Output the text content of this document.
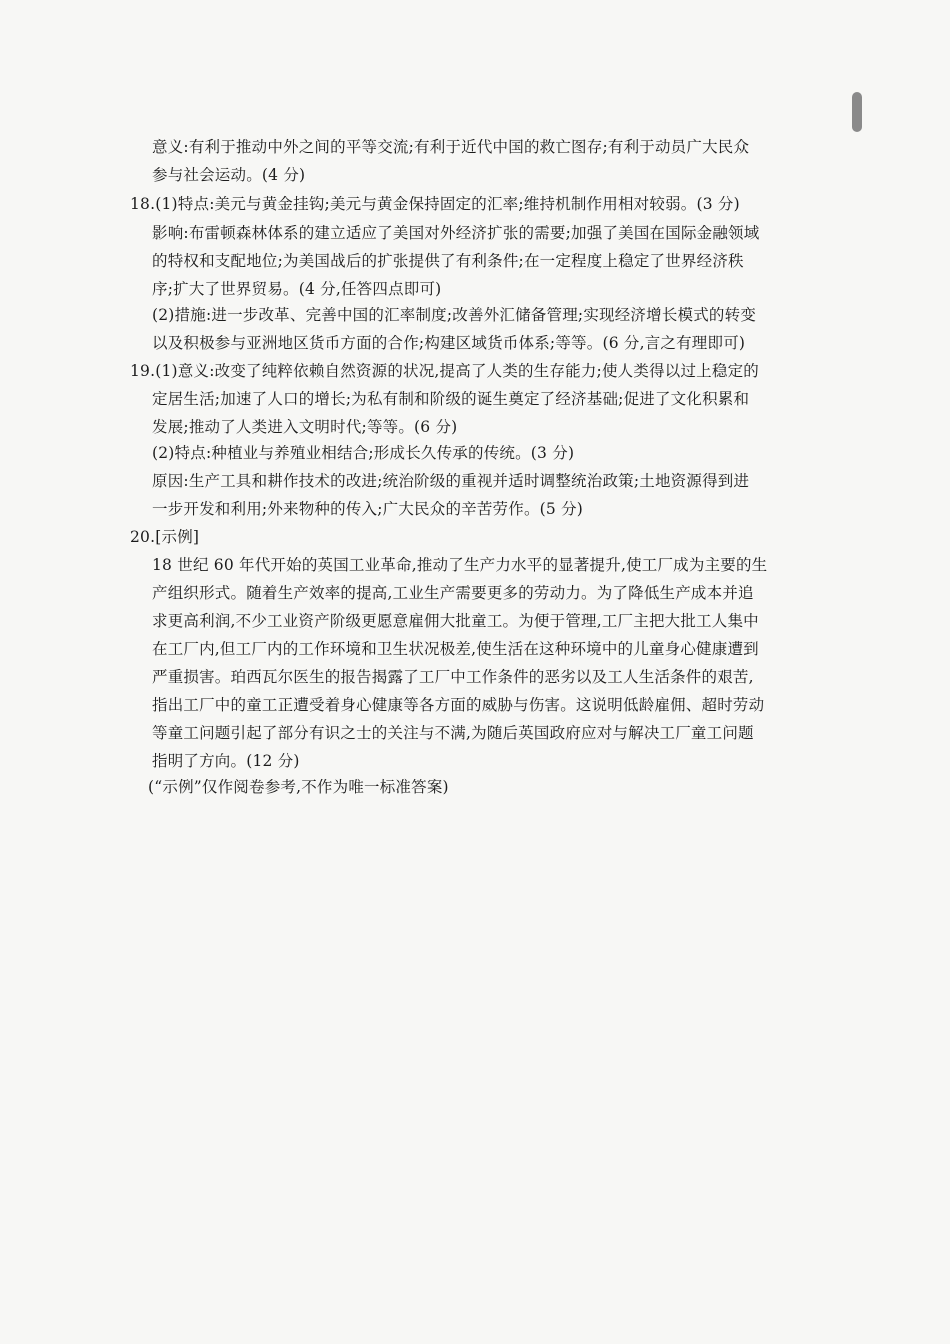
意义:有利于推动中外之间的平等交流;有利于近代中国的救亡图存;有利于动员广大民众
参与社会运动。(4 分)
18.(1)特点:美元与黄金挂钩;美元与黄金保持固定的汇率;维持机制作用相对较弱。(3 分)
影响:布雷顿森林体系的建立适应了美国对外经济扩张的需要;加强了美国在国际金融领域
的特权和支配地位;为美国战后的扩张提供了有利条件;在一定程度上稳定了世界经济秩
序;扩大了世界贸易。(4 分,任答四点即可)
(2)措施:进一步改革、完善中国的汇率制度;改善外汇储备管理;实现经济增长模式的转变
以及积极参与亚洲地区货币方面的合作;构建区域货币体系;等等。(6 分,言之有理即可)
19.(1)意义:改变了纯粹依赖自然资源的状况,提高了人类的生存能力;使人类得以过上稳定的
定居生活;加速了人口的增长;为私有制和阶级的诞生奠定了经济基础;促进了文化积累和
发展;推动了人类进入文明时代;等等。(6 分)
(2)特点:种植业与养殖业相结合;形成长久传承的传统。(3 分)
原因:生产工具和耕作技术的改进;统治阶级的重视并适时调整统治政策;土地资源得到进
一步开发和利用;外来物种的传入;广大民众的辛苦劳作。(5 分)
20.[示例]
18 世纪 60 年代开始的英国工业革命,推动了生产力水平的显著提升,使工厂成为主要的生
产组织形式。随着生产效率的提高,工业生产需要更多的劳动力。为了降低生产成本并追
求更高利润,不少工业资产阶级更愿意雇佣大批童工。为便于管理,工厂主把大批工人集中
在工厂内,但工厂内的工作环境和卫生状况极差,使生活在这种环境中的儿童身心健康遭到
严重损害。珀西瓦尔医生的报告揭露了工厂中工作条件的恶劣以及工人生活条件的艰苦,
指出工厂中的童工正遭受着身心健康等各方面的威胁与伤害。这说明低龄雇佣、超时劳动
等童工问题引起了部分有识之士的关注与不满,为随后英国政府应对与解决工厂童工问题
指明了方向。(12 分)
(“示例”仅作阅卷参考,不作为唯一标准答案)
